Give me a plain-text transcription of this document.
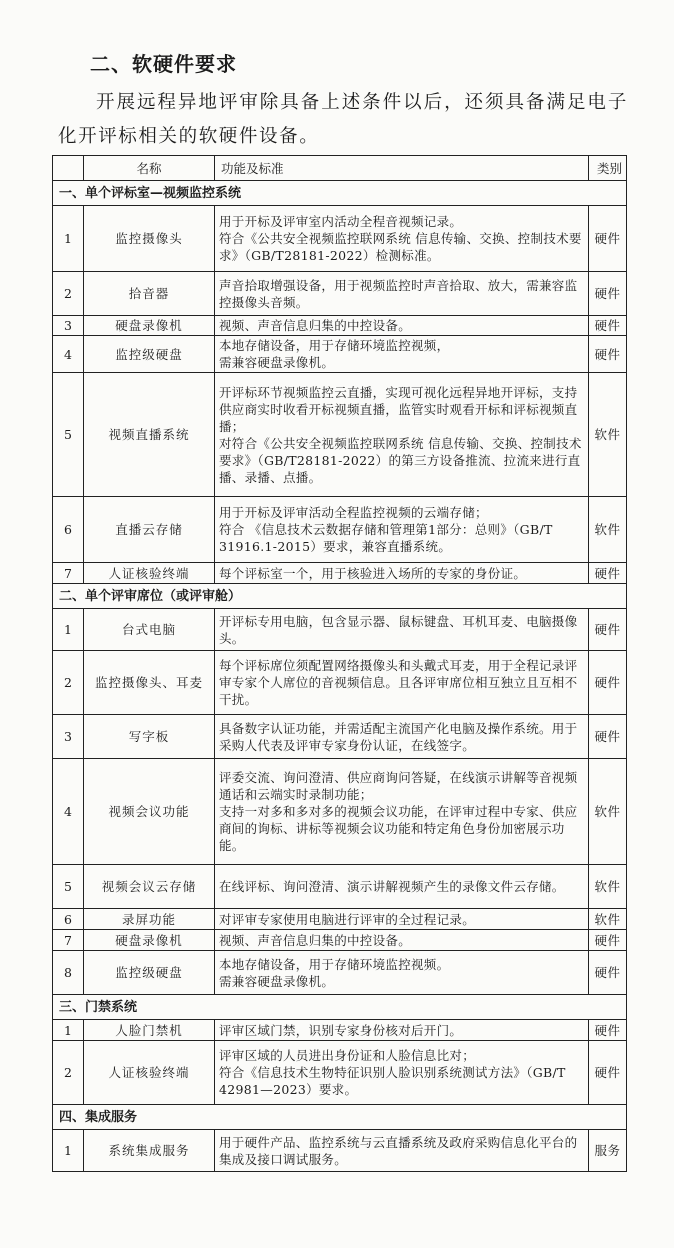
二、软硬件要求
开展远程异地评审除具备上述条件以后，还须具备满足电子化开评标相关的软硬件设备。
	名称	功能及标准	类别
一、单个评标室—视频监控系统			
1	监控摄像头	用于开标及评审室内活动全程音视频记录。
符合《公共安全视频监控联网系统 信息传输、交换、控制技术要求》（GB/T28181-2022）检测标准。	硬件
2	拾音器	声音拾取增强设备，用于视频监控时声音拾取、放大，需兼容监控摄像头音频。	硬件
3	硬盘录像机	视频、声音信息归集的中控设备。	硬件
4	监控级硬盘	本地存储设备，用于存储环境监控视频，
需兼容硬盘录像机。	硬件
5	视频直播系统	开评标环节视频监控云直播，实现可视化远程异地开评标，支持供应商实时收看开标视频直播，监管实时观看开标和评标视频直播；
对符合《公共安全视频监控联网系统 信息传输、交换、控制技术要求》（GB/T28181-2022）的第三方设备推流、拉流来进行直播、录播、点播。	软件
6	直播云存储	用于开标及评审活动全程监控视频的云端存储；
符合 《信息技术云数据存储和管理第1部分：总则》（GB/T 31916.1-2015）要求，兼容直播系统。	软件
7	人证核验终端	每个评标室一个，用于核验进入场所的专家的身份证。	硬件
二、单个评审席位（或评审舱）			
1	台式电脑	开评标专用电脑，包含显示器、鼠标键盘、耳机耳麦、电脑摄像头。	硬件
2	监控摄像头、耳麦	每个评标席位须配置网络摄像头和头戴式耳麦，用于全程记录评审专家个人席位的音视频信息。且各评审席位相互独立且互相不干扰。	硬件
3	写字板	具备数字认证功能，并需适配主流国产化电脑及操作系统。用于采购人代表及评审专家身份认证，在线签字。	硬件
4	视频会议功能	评委交流、询问澄清、供应商询问答疑，在线演示讲解等音视频通话和云端实时录制功能；
支持一对多和多对多的视频会议功能，在评审过程中专家、供应商间的询标、讲标等视频会议功能和特定角色身份加密展示功能。	软件
5	视频会议云存储	在线评标、询问澄清、演示讲解视频产生的录像文件云存储。	软件
6	录屏功能	对评审专家使用电脑进行评审的全过程记录。	软件
7	硬盘录像机	视频、声音信息归集的中控设备。	硬件
8	监控级硬盘	本地存储设备，用于存储环境监控视频。
需兼容硬盘录像机。	硬件
三、门禁系统			
1	人脸门禁机	评审区域门禁，识别专家身份核对后开门。	硬件
2	人证核验终端	评审区域的人员进出身份证和人脸信息比对；
符合《信息技术生物特征识别人脸识别系统测试方法》（GB/T 42981—2023）要求。	硬件
四、集成服务			
1	系统集成服务	用于硬件产品、监控系统与云直播系统及政府采购信息化平台的集成及接口调试服务。	服务
